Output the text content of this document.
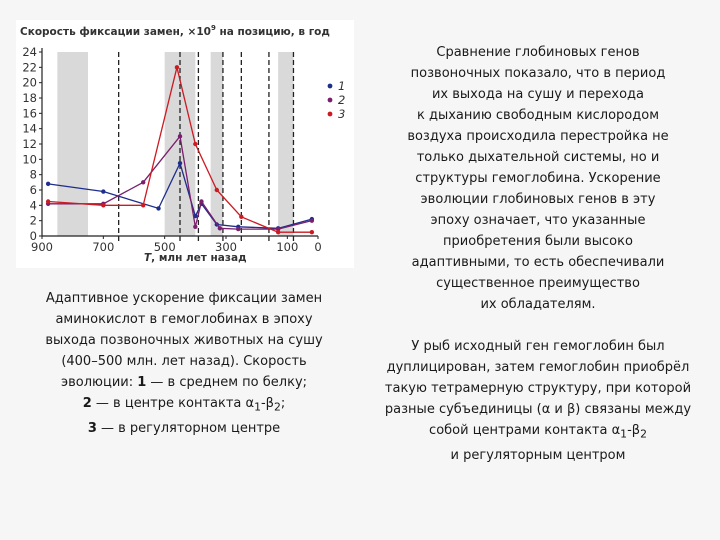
Скорость фиксации замен, $\times 10^9$ на позицию, в год
0
2
4
6
8
10
12
14
16
18
20
22
24
900	700	500	300	100 0
1
2
3
T, млн лет назад
Адаптивное ускорение фиксации замен
аминокислот в гемоглобинах в эпоху
выхода позвоночных животных на сушу
(400–500 млн. лет назад). Скорость
эволюции: 1 — в среднем по белку;
2 — в центре контакта $\alpha_1-\beta_2$;
3 — в регуляторном центре
Сравнение глобиновых генов
позвоночных показало, что в период
их выхода на сушу и перехода
к дыханию свободным кислородом
воздуха происходила перестройка не
только дыхательной системы, но и
структуры гемоглобина. Ускорение
эволюции глобиновых генов в эту
эпоху означает, что указанные
приобретения были высоко
адаптивными, то есть обеспечивали
существенное преимущество
их обладателям.
У рыб исходный ген гемоглобин был
дуплицирован, затем гемоглобин приобрёл
такую тетрамерную структуру, при которой
разные субъединицы (α и β) связаны между
собой центрами контакта $\alpha_1-\beta_2$
и регуляторным центром
